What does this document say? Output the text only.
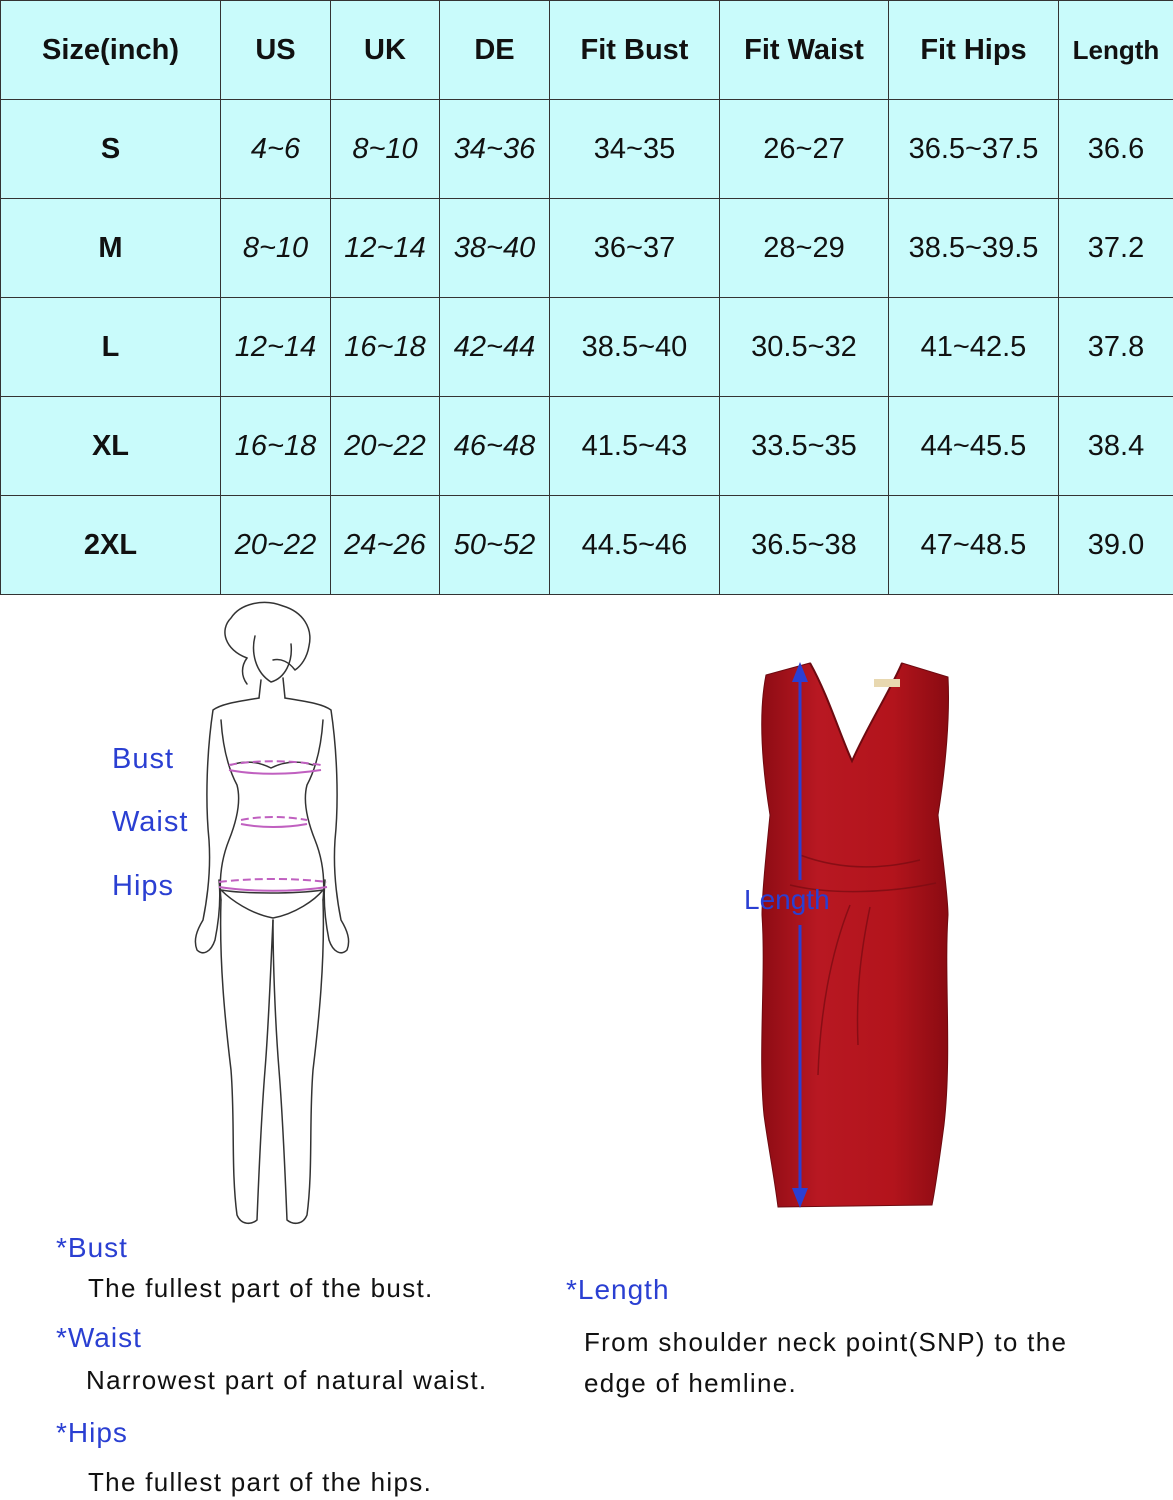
Size(inch)	US	UK	DE	Fit Bust	Fit Waist	Fit Hips	Length
S	4~6	8~10	34~36	34~35	26~27	36.5~37.5	36.6
M	8~10	12~14	38~40	36~37	28~29	38.5~39.5	37.2
L	12~14	16~18	42~44	38.5~40	30.5~32	41~42.5	37.8
XL	16~18	20~22	46~48	41.5~43	33.5~35	44~45.5	38.4
2XL	20~22	24~26	50~52	44.5~46	36.5~38	47~48.5	39.0
Bust
Waist
Hips	Length
*Bust
The fullest part of the bust.
*Waist
Narrowest part of natural waist.
*Hips
The fullest part of the hips.
*Length
From shoulder neck point(SNP) to the
edge of hemline.
